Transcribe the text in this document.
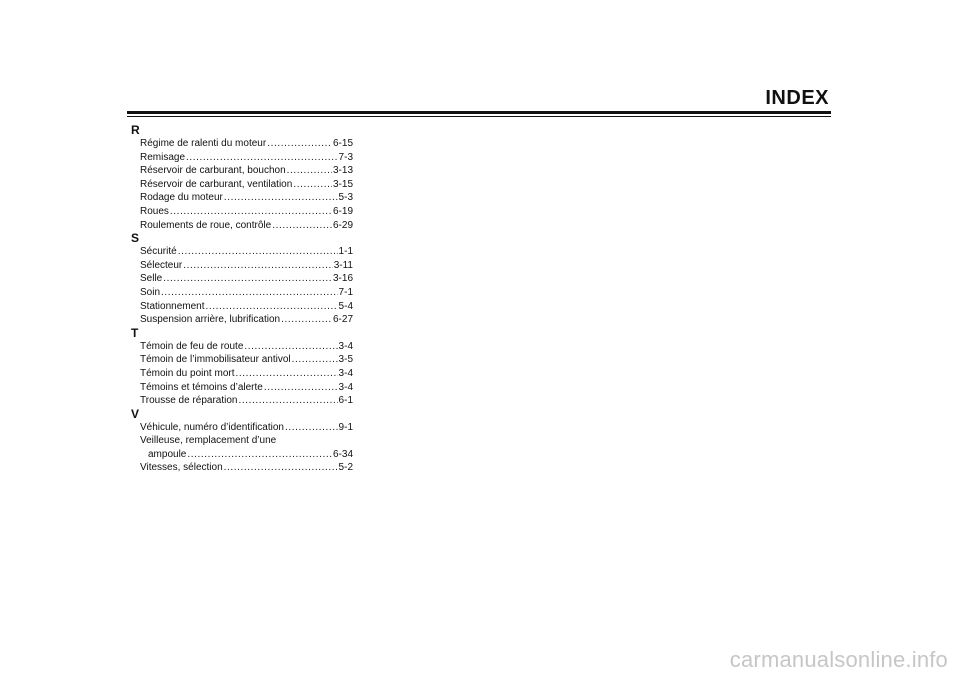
INDEX
R
Régime de ralenti du moteur .....	6-15
Remisage .....	7-3
Réservoir de carburant, bouchon .....	3-13
Réservoir de carburant, ventilation .....	3-15
Rodage du moteur .....	5-3
Roues .....	6-19
Roulements de roue, contrôle .....	6-29
S
Sécurité .....	1-1
Sélecteur .....	3-11
Selle .....	3-16
Soin .....	7-1
Stationnement .....	5-4
Suspension arrière, lubrification .....	6-27
T
Témoin de feu de route .....	3-4
Témoin de l’immobilisateur antivol .....	3-5
Témoin du point mort .....	3-4
Témoins et témoins d’alerte .....	3-4
Trousse de réparation .....	6-1
V
Véhicule, numéro d’identification .....	9-1
Veilleuse, remplacement d’une
ampoule .....	6-34
Vitesses, sélection .....	5-2
carmanualsonline.info
